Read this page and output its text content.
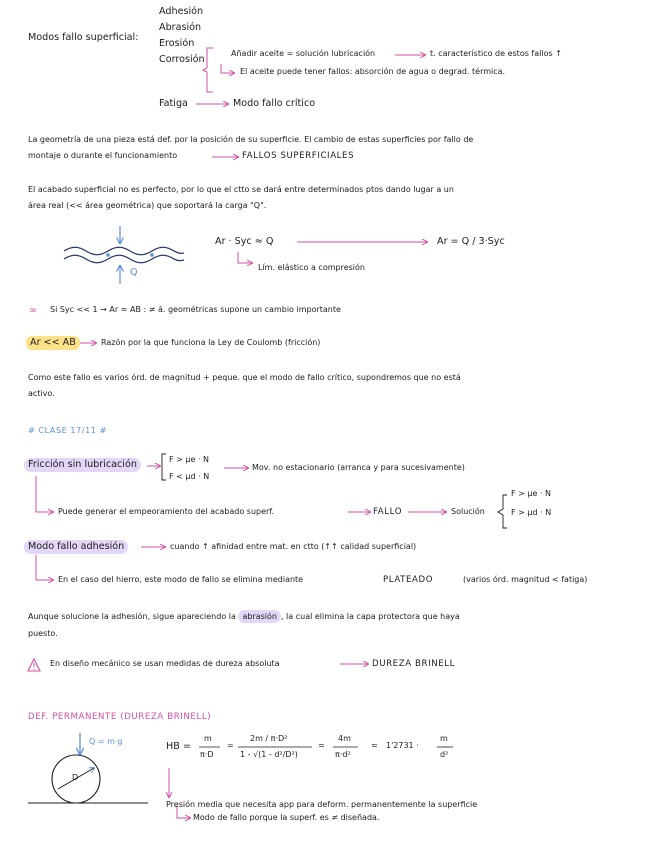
Modos fallo superficial:
Adhesión
Abrasión
Erosión
Corrosión
Fatiga
Añadir aceite = solución lubricación	t. característico de estos fallos ↑
El aceite puede tener fallos: absorción de agua o degrad. térmica.
Modo fallo crítico
La geometría de una pieza está def. por la posición de su superficie. El cambio de estas superficies por fallo de
montaje o durante el funcionamiento	FALLOS SUPERFICIALES
El acabado superficial no es perfecto, por lo que el ctto se dará entre determinados ptos dando lugar a un
área real (<< área geométrica) que soportará la carga "Q".
Q
Ar · Syc ≈ Q	Ar = Q / 3·Syc
Lím. elástico a compresión
∞ Si Syc << 1 → Ar ≈ AB : ≠ á. geométricas supone un cambio importante
Ar << AB	Razón por la que funciona la Ley de Coulomb (fricción)
Como este fallo es varios órd. de magnitud + peque. que el modo de fallo crítico, supondremos que no está
activo.
# CLASE 17/11 #
Fricción sin lubricación	F > μe · N
F < μd · N
Mov. no estacionario (arranca y para sucesivamente)
Puede generar el empeoramiento del acabado superf.	FALLO	Solución
F > μe · N
F > μd · N
Modo fallo adhesión	cuando ↑ afinidad entre mat. en ctto (↑↑ calidad superficial)
En el caso del hierro, este modo de fallo se elimina mediante	PLATEADO	(varios órd. magnitud < fatiga)
Aunque solucione la adhesión, sigue apareciendo la abrasión , la cual elimina la capa protectora que haya
puesto.
En diseño mecánico se usan medidas de dureza absoluta	DUREZA BRINELL
DEF. PERMANENTE (DUREZA BRINELL)
Q = m·g
D
HB =
m
π·D
=
2m / π·D²
1 - √(1 - d²/D²)
≃
4m
π·d²
≃ 1'2731 ·
m
d²
Presión media que necesita app para deform. permanentemente la superficie
Modo de fallo porque la superf. es ≠ diseñada.
